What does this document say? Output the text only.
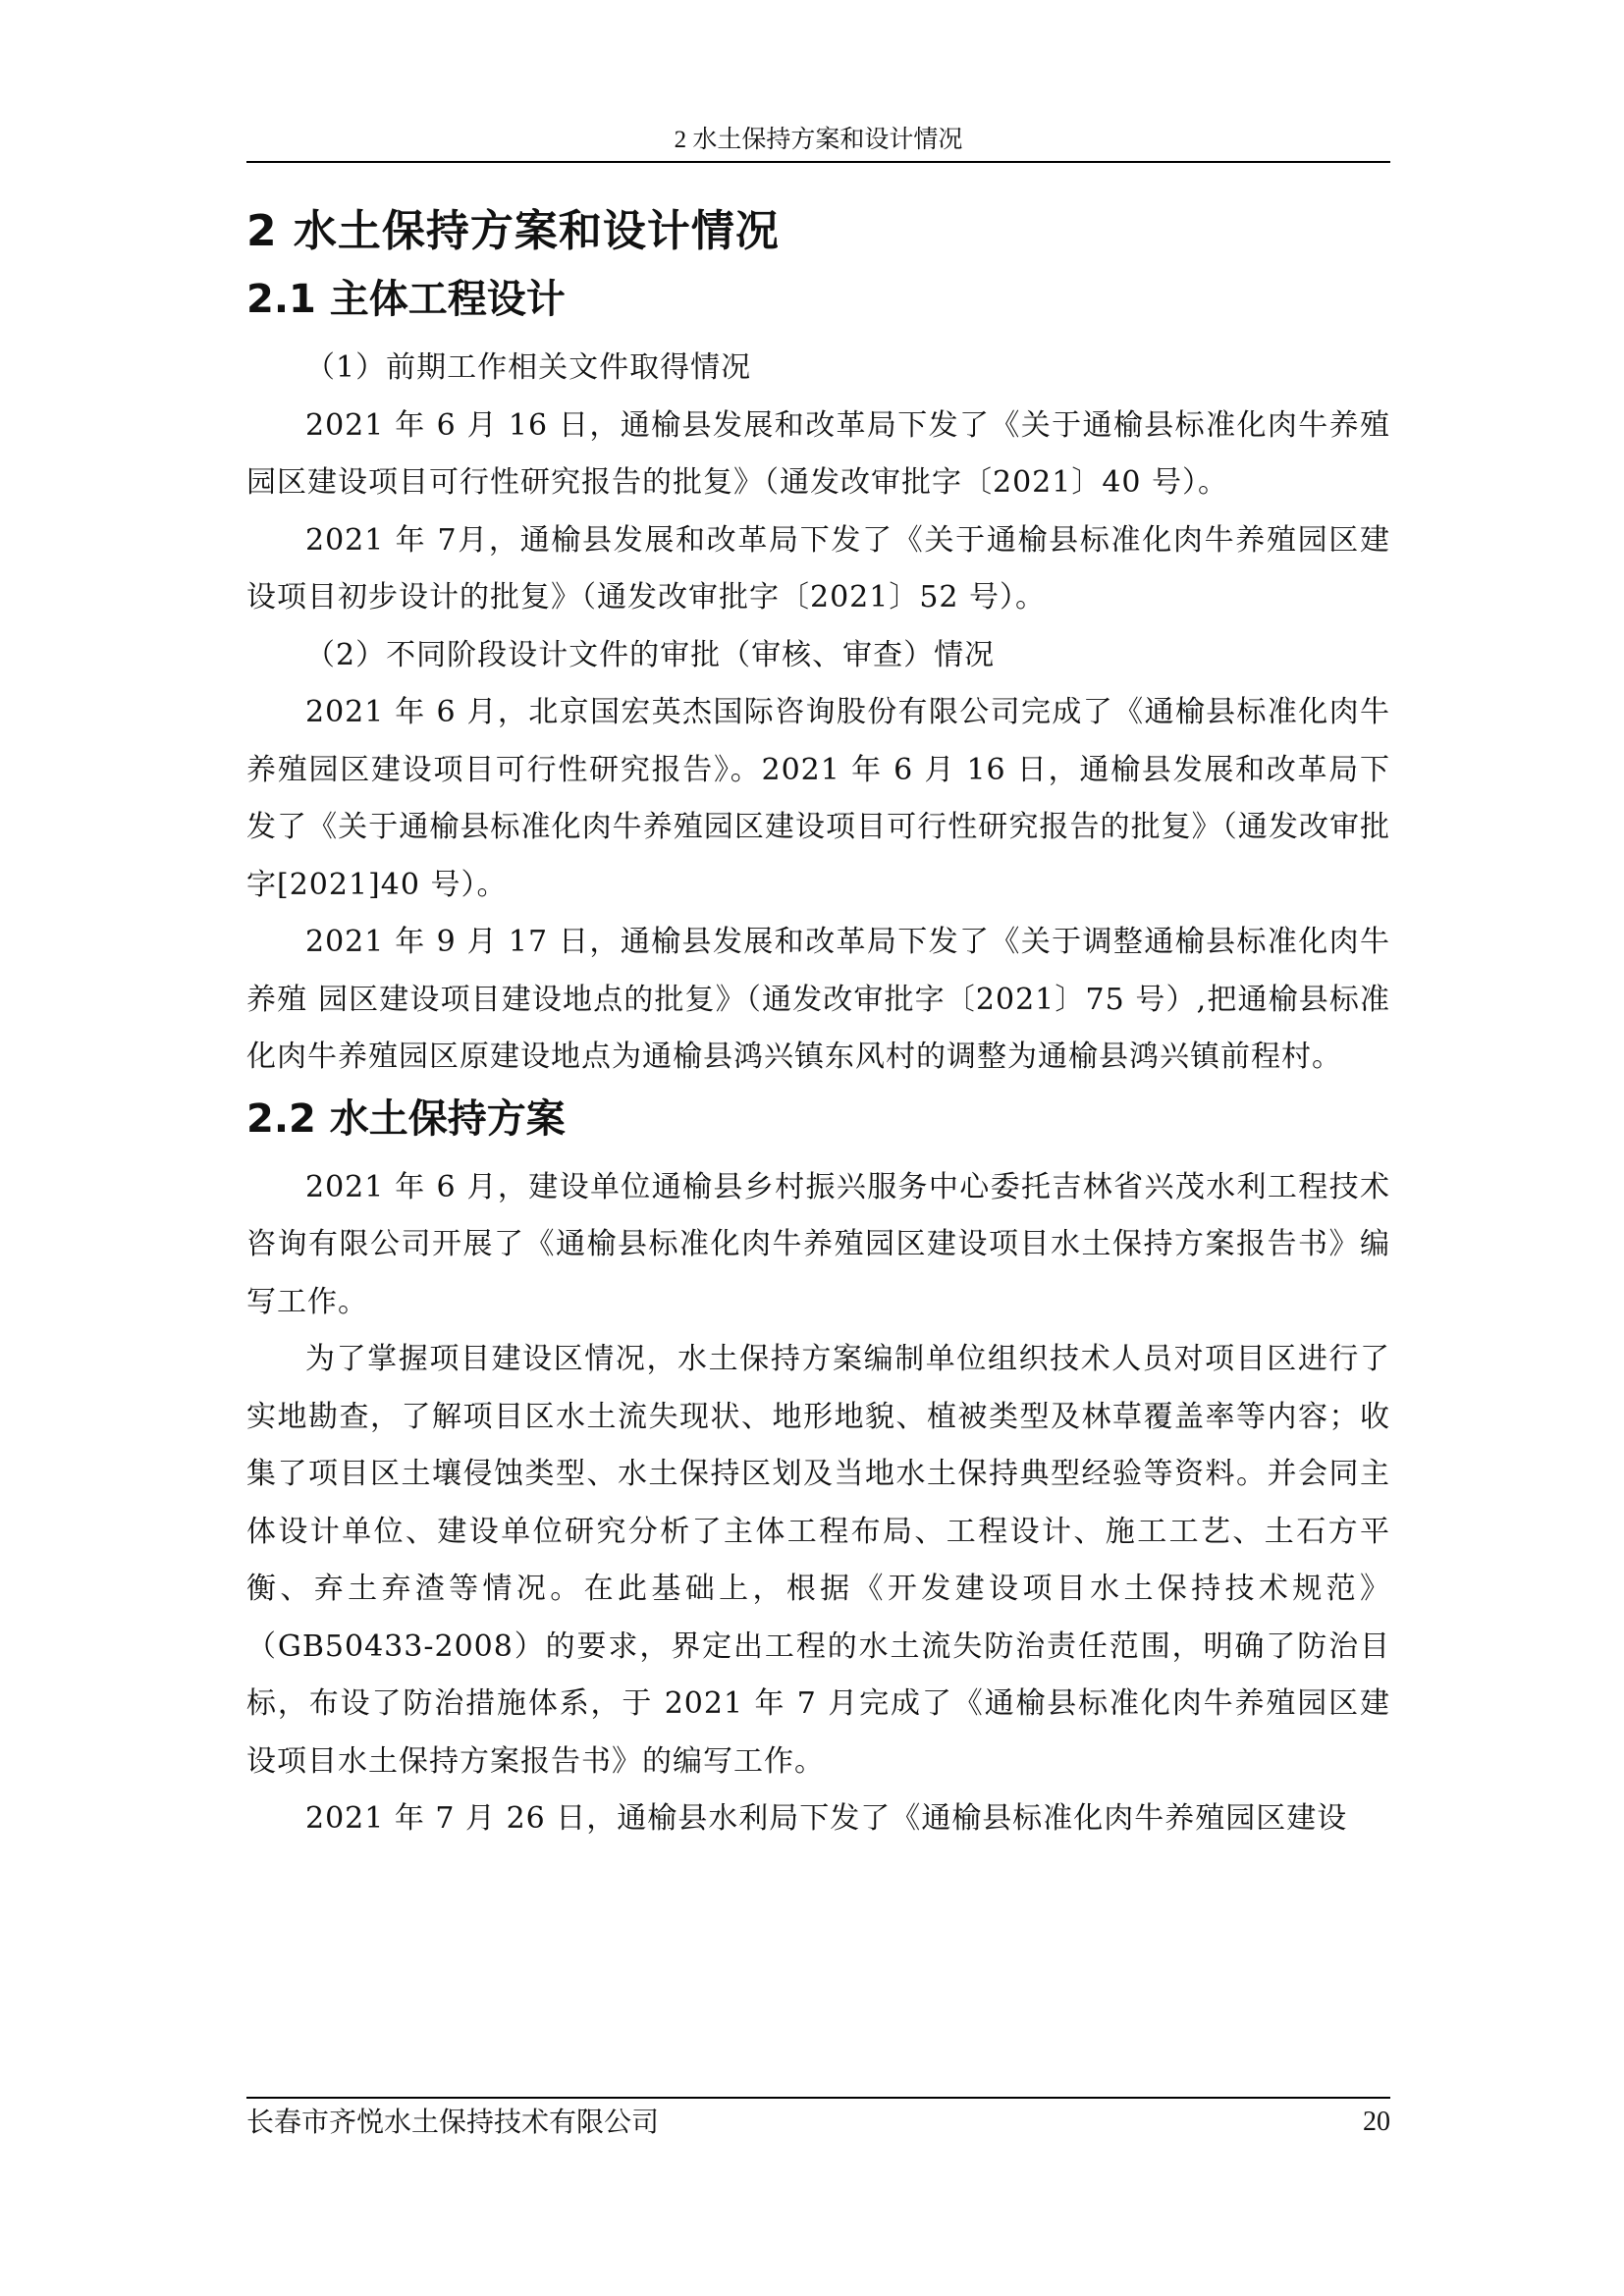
2 水土保持方案和设计情况
2 水土保持方案和设计情况
2.1 主体工程设计

（1）前期工作相关文件取得情况

2021 年 6 月 16 日，通榆县发展和改革局下发了《关于通榆县标准化肉牛养殖园区建设项目可行性研究报告的批复》（通发改审批字〔2021〕40 号）。

2021 年 7月，通榆县发展和改革局下发了《关于通榆县标准化肉牛养殖园区建设项目初步设计的批复》（通发改审批字〔2021〕52 号）。

（2）不同阶段设计文件的审批（审核、审查）情况

2021 年 6 月，北京国宏英杰国际咨询股份有限公司完成了《通榆县标准化肉牛养殖园区建设项目可行性研究报告》。2021 年 6 月 16 日，通榆县发展和改革局下发了《关于通榆县标准化肉牛养殖园区建设项目可行性研究报告的批复》（通发改审批字[2021]40 号）。

2021 年 9 月 17 日，通榆县发展和改革局下发了《关于调整通榆县标准化肉牛养殖 园区建设项目建设地点的批复》（通发改审批字〔2021〕75 号）,把通榆县标准化肉牛养殖园区原建设地点为通榆县鸿兴镇东风村的调整为通榆县鸿兴镇前程村。

2.2 水土保持方案

2021 年 6 月，建设单位通榆县乡村振兴服务中心委托吉林省兴茂水利工程技术咨询有限公司开展了《通榆县标准化肉牛养殖园区建设项目水土保持方案报告书》编写工作。

为了掌握项目建设区情况，水土保持方案编制单位组织技术人员对项目区进行了实地勘查，了解项目区水土流失现状、地形地貌、植被类型及林草覆盖率等内容；收集了项目区土壤侵蚀类型、水土保持区划及当地水土保持典型经验等资料。并会同主体设计单位、建设单位研究分析了主体工程布局、工程设计、施工工艺、土石方平衡、弃土弃渣等情况。在此基础上，根据《开发建设项目水土保持技术规范》（GB50433-2008）的要求，界定出工程的水土流失防治责任范围，明确了防治目标，布设了防治措施体系，于 2021 年 7 月完成了《通榆县标准化肉牛养殖园区建设项目水土保持方案报告书》的编写工作。

2021 年 7 月 26 日，通榆县水利局下发了《通榆县标准化肉牛养殖园区建设

长春市齐悦水土保持技术有限公司	20
